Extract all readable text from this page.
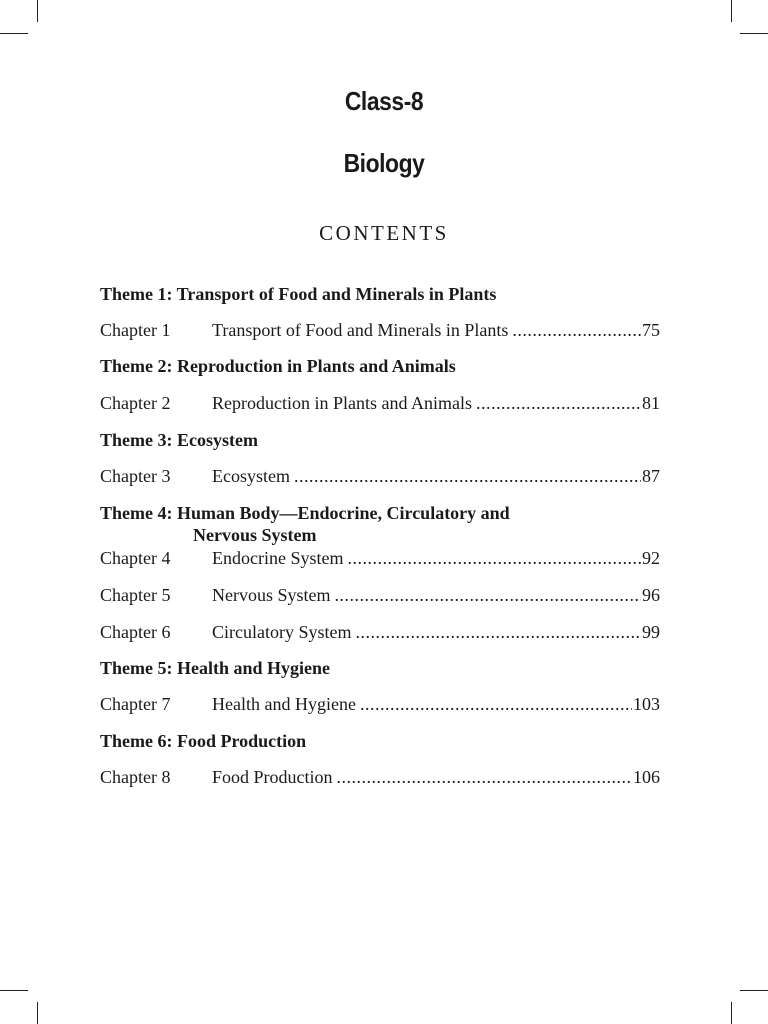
Class-8
Biology
CONTENTS
Theme 1: Transport of Food and Minerals in Plants
Chapter 1	Transport of Food and Minerals in Plants .....	75
Theme 2: Reproduction in Plants and Animals
Chapter 2	Reproduction in Plants and Animals .....	81
Theme 3: Ecosystem
Chapter 3	Ecosystem .....	87
Theme 4: Human Body—Endocrine, Circulatory and
Nervous System
Chapter 4	Endocrine System .....	92
Chapter 5	Nervous System .....	96
Chapter 6	Circulatory System .....	99
Theme 5: Health and Hygiene
Chapter 7	Health and Hygiene .....	103
Theme 6: Food Production
Chapter 8	Food Production .....	106
